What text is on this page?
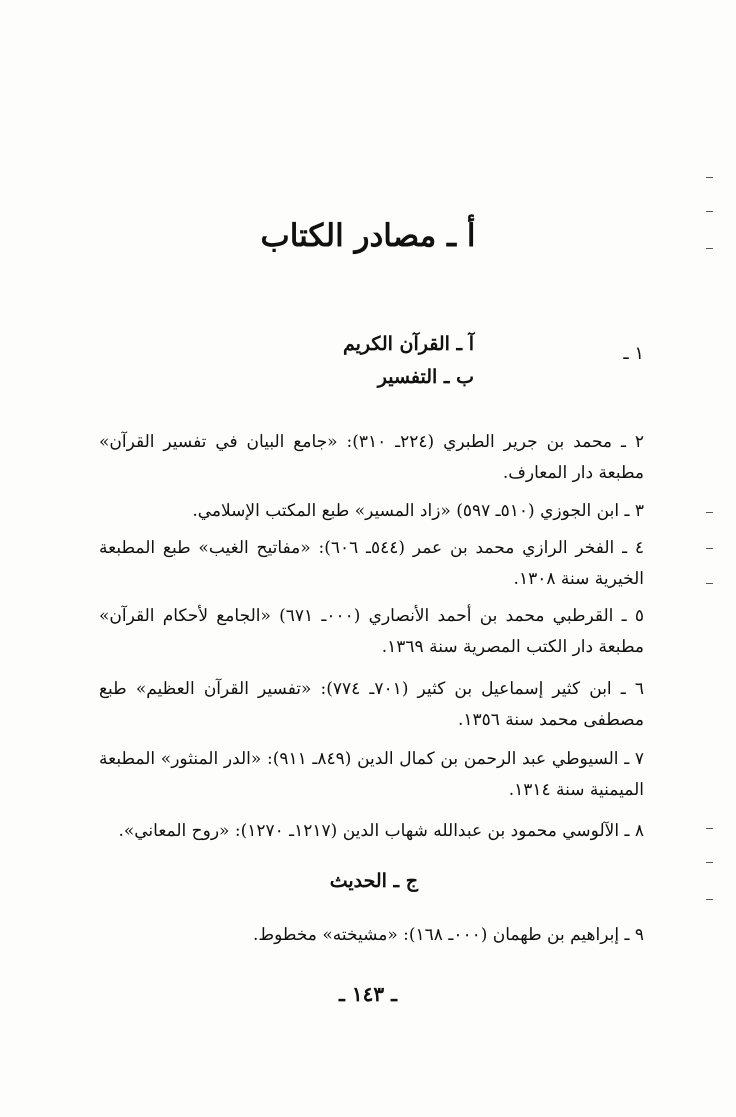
أ ـ مصادر الكتاب
١ ـ
آ ـ القرآن الكريم
ب ـ التفسير
٢ ـ محمد بن جرير الطبري (٢٢٤ـ ٣١٠): «جامع البيان في تفسير القرآن» مطبعة دار المعارف.
٣ ـ ابن الجوزي (٥١٠ـ ٥٩٧) «زاد المسير» طبع المكتب الإسلامي.
٤ ـ الفخر الرازي محمد بن عمر (٥٤٤ـ ٦٠٦): «مفاتيح الغيب» طبع المطبعة الخيرية سنة ١٣٠٨.
٥ ـ القرطبي محمد بن أحمد الأنصاري (٠٠٠ـ ٦٧١) «الجامع لأحكام القرآن» مطبعة دار الكتب المصرية سنة ١٣٦٩.
٦ ـ ابن كثير إسماعيل بن كثير (٧٠١ـ ٧٧٤): «تفسير القرآن العظيم» طبع مصطفى محمد سنة ١٣٥٦.
٧ ـ السيوطي عبد الرحمن بن كمال الدين (٨٤٩ـ ٩١١): «الدر المنثور» المطبعة الميمنية سنة ١٣١٤.
٨ ـ الآلوسي محمود بن عبدالله شهاب الدين (١٢١٧ـ ١٢٧٠): «روح المعاني».
ج ـ الحديث
٩ ـ إبراهيم بن طهمان (٠٠٠ـ ١٦٨): «مشيخته» مخطوط.
ـ ١٤٣ ـ
